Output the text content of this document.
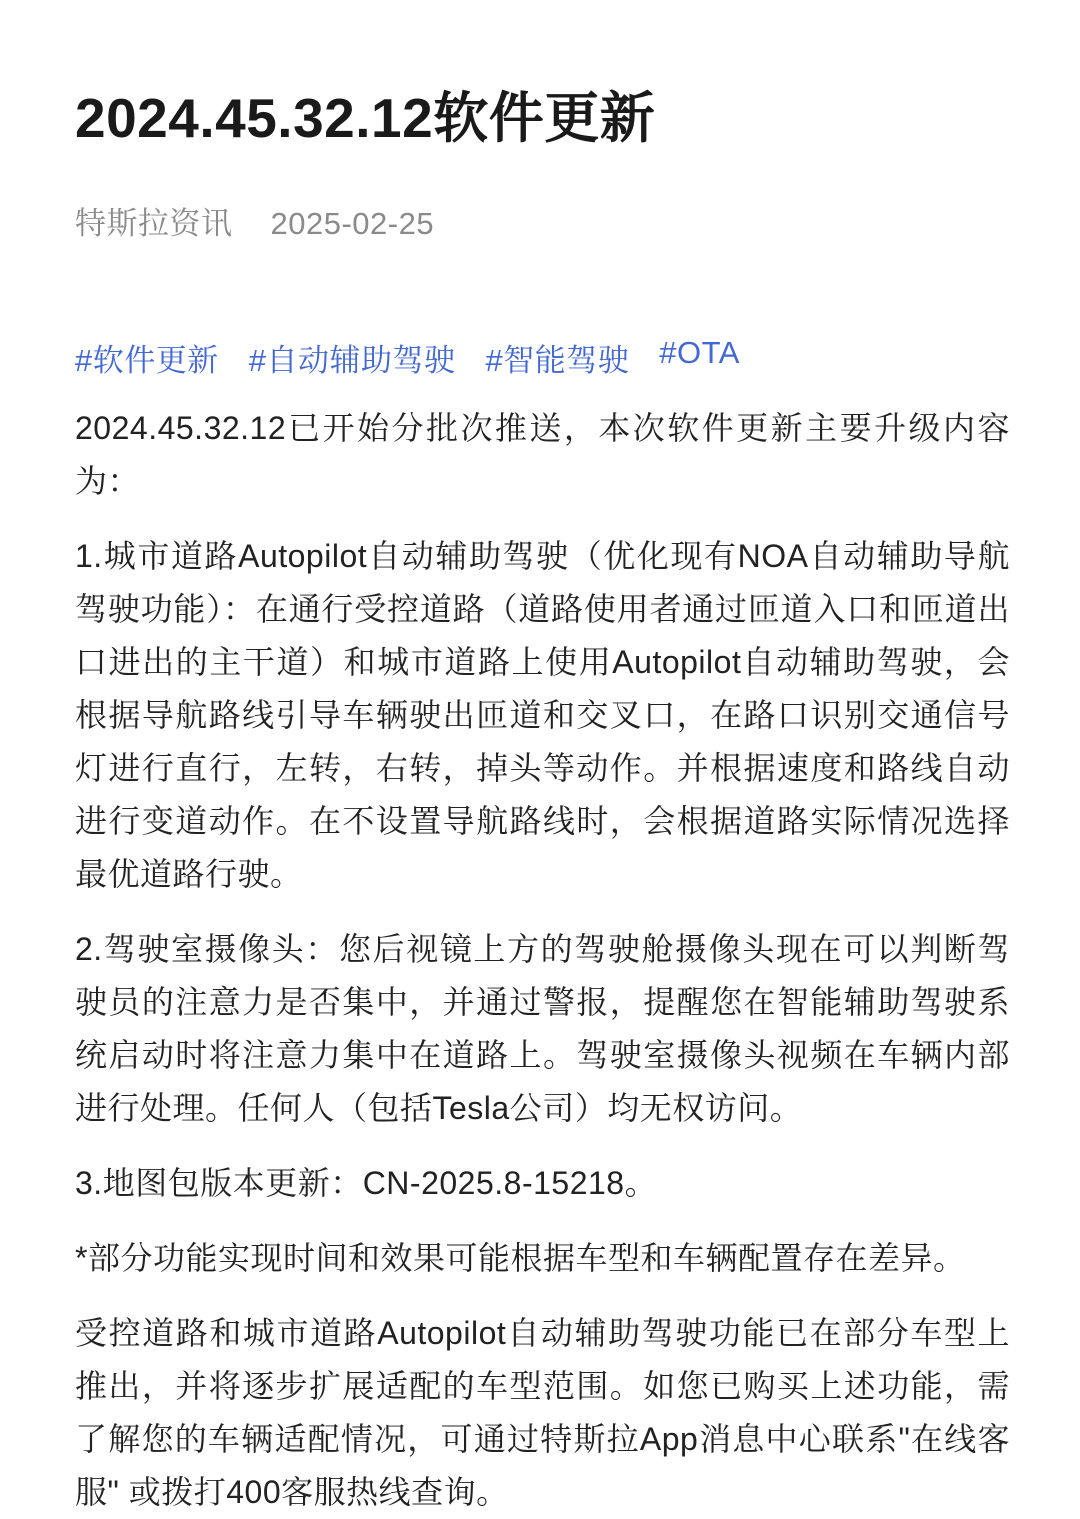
2024.45.32.12软件更新
特斯拉资讯 2025-02-25
#软件更新 #自动辅助驾驶 #智能驾驶 #OTA

2024.45.32.12已开始分批次推送，本次软件更新主要升级内容为：

1.城市道路Autopilot自动辅助驾驶（优化现有NOA自动辅助导航驾驶功能）：在通行受控道路（道路使用者通过匝道入口和匝道出口进出的主干道）和城市道路上使用Autopilot自动辅助驾驶，会根据导航路线引导车辆驶出匝道和交叉口，在路口识别交通信号灯进行直行，左转，右转，掉头等动作。并根据速度和路线自动进行变道动作。在不设置导航路线时，会根据道路实际情况选择最优道路行驶。

2.驾驶室摄像头：您后视镜上方的驾驶舱摄像头现在可以判断驾驶员的注意力是否集中，并通过警报，提醒您在智能辅助驾驶系统启动时将注意力集中在道路上。驾驶室摄像头视频在车辆内部进行处理。任何人（包括Tesla公司）均无权访问。

3.地图包版本更新：CN-2025.8-15218。

*部分功能实现时间和效果可能根据车型和车辆配置存在差异。

受控道路和城市道路Autopilot自动辅助驾驶功能已在部分车型上推出，并将逐步扩展适配的车型范围。如您已购买上述功能，需了解您的车辆适配情况，可通过特斯拉App消息中心联系"在线客服" 或拨打400客服热线查询。
